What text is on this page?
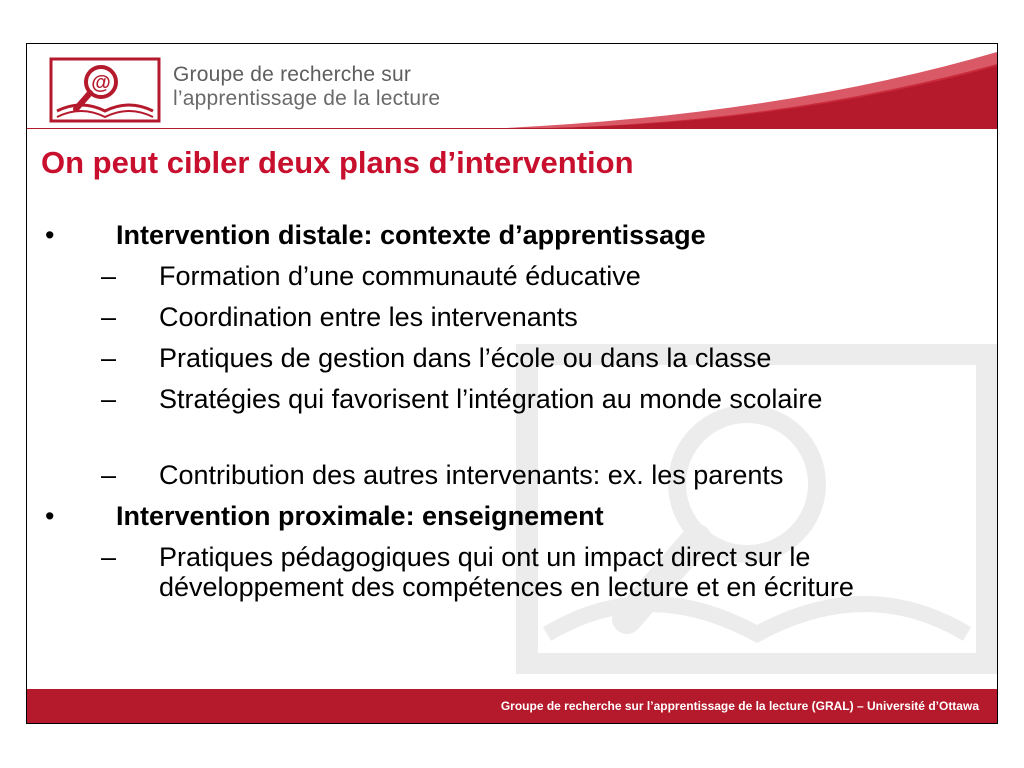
@	Groupe de recherche sur
l’apprentissage de la lecture
On peut cibler deux plans d’intervention
• Intervention distale: contexte d’apprentissage
– Formation d’une communauté éducative
– Coordination entre les intervenants
– Pratiques de gestion dans l’école ou dans la classe
– Stratégies qui favorisent l’intégration au monde scolaire
– Contribution des autres intervenants: ex. les parents
• Intervention proximale: enseignement
– Pratiques pédagogiques qui ont un impact direct sur le développement des compétences en lecture et en écriture
Groupe de recherche sur l’apprentissage de la lecture (GRAL) – Université d’Ottawa
